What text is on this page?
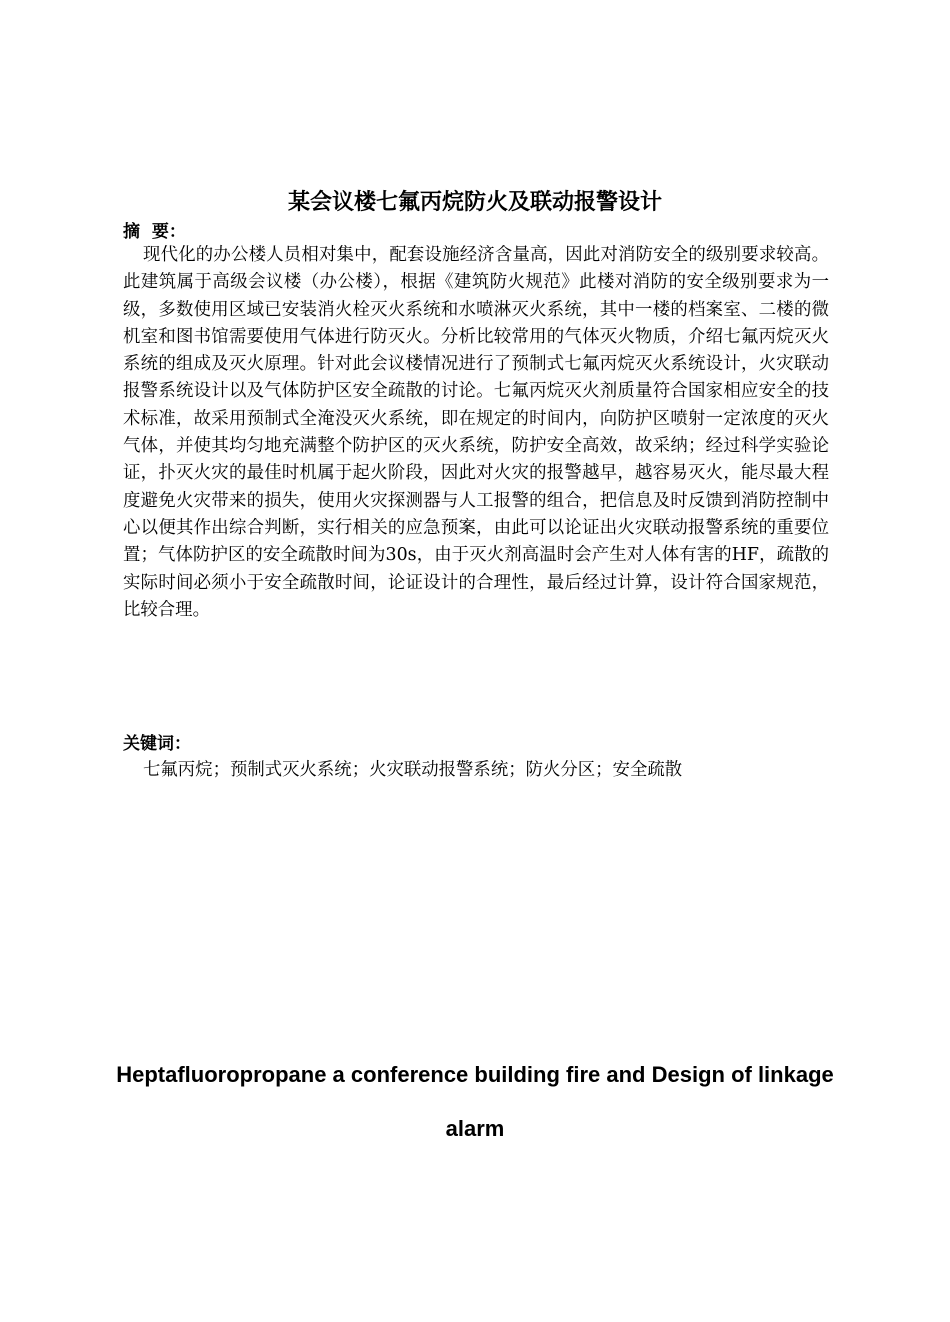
某会议楼七氟丙烷防火及联动报警设计
摘  要：

现代化的办公楼人员相对集中，配套设施经济含量高，因此对消防安全的级别要求较高。此建筑属于高级会议楼（办公楼），根据《建筑防火规范》此楼对消防的安全级别要求为一级，多数使用区域已安装消火栓灭火系统和水喷淋灭火系统，其中一楼的档案室、二楼的微机室和图书馆需要使用气体进行防灭火。分析比较常用的气体灭火物质，介绍七氟丙烷灭火系统的组成及灭火原理。针对此会议楼情况进行了预制式七氟丙烷灭火系统设计，火灾联动报警系统设计以及气体防护区安全疏散的讨论。七氟丙烷灭火剂质量符合国家相应安全的技术标准，故采用预制式全淹没灭火系统，即在规定的时间内，向防护区喷射一定浓度的灭火气体，并使其均匀地充满整个防护区的灭火系统，防护安全高效，故采纳；经过科学实验论证，扑灭火灾的最佳时机属于起火阶段，因此对火灾的报警越早，越容易灭火，能尽最大程度避免火灾带来的损失，使用火灾探测器与人工报警的组合，把信息及时反馈到消防控制中心以便其作出综合判断，实行相关的应急预案，由此可以论证出火灾联动报警系统的重要位置；气体防护区的安全疏散时间为30s，由于灭火剂高温时会产生对人体有害的HF，疏散的实际时间必须小于安全疏散时间，论证设计的合理性，最后经过计算，设计符合国家规范，比较合理。

关键词：

七氟丙烷；预制式灭火系统；火灾联动报警系统；防火分区；安全疏散

Heptafluoropropane a conference building fire and Design of linkage alarm
